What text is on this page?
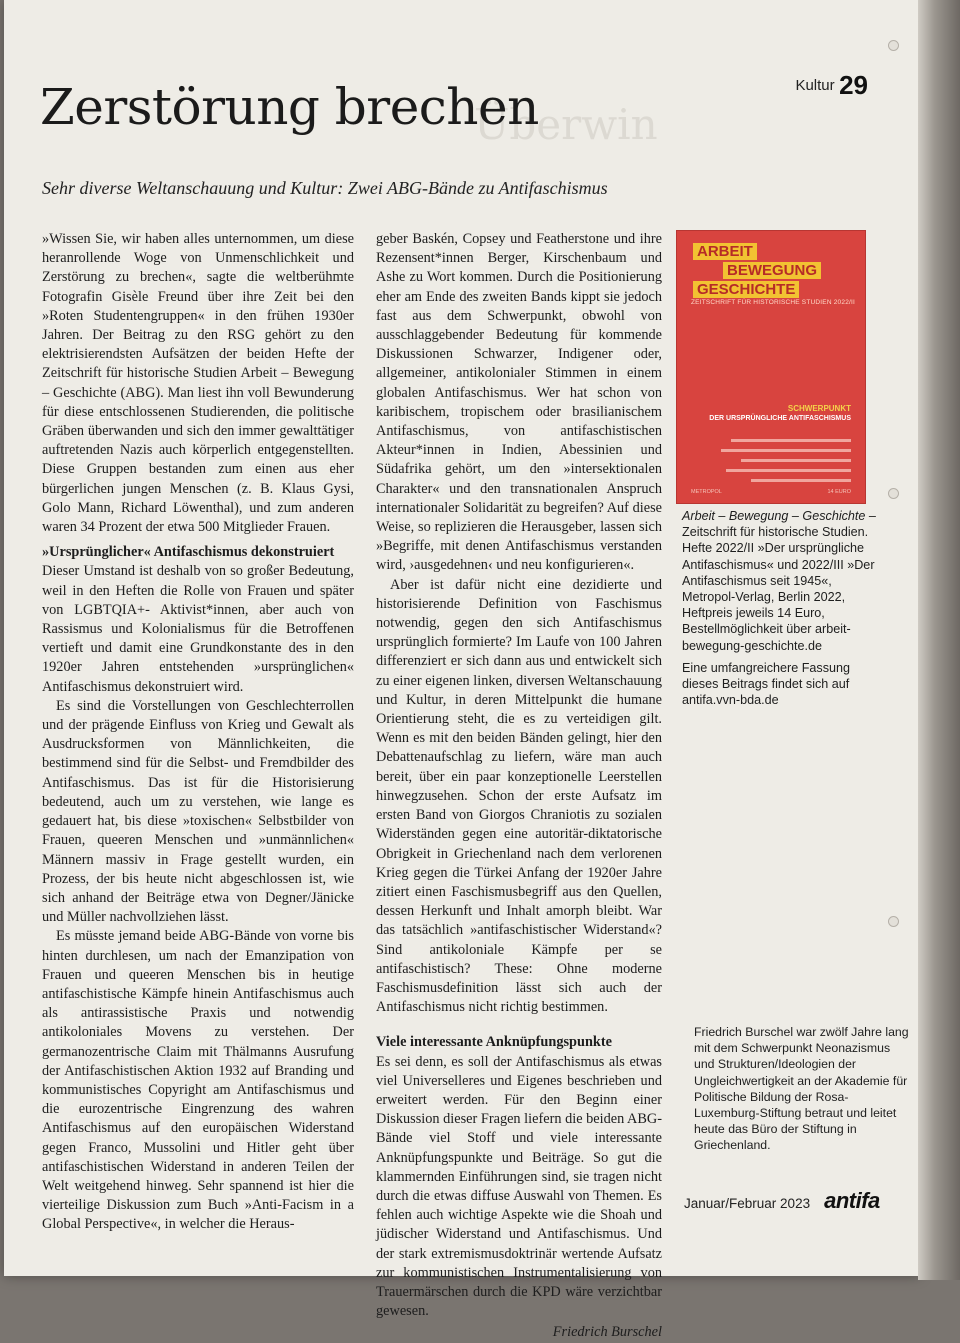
Überwin
Kultur 29
Zerstörung brechen

Sehr diverse Weltanschauung und Kultur: Zwei ABG-Bände zu Antifaschismus

»Wissen Sie, wir haben alles unternommen, um diese heranrollende Woge von Unmenschlichkeit und Zerstörung zu brechen«, sagte die weltberühmte Fotografin Gisèle Freund über ihre Zeit bei den »Roten Studentengruppen« in den frühen 1930er Jahren. Der Beitrag zu den RSG gehört zu den elektrisierendsten Aufsätzen der beiden Hefte der Zeitschrift für historische Studien Arbeit – Bewegung – Geschichte (ABG). Man liest ihn voll Bewunderung für diese entschlossenen Studierenden, die politische Gräben überwanden und sich den immer gewalttätiger auftretenden Nazis auch körperlich entgegenstellten. Diese Gruppen bestanden zum einen aus eher bürgerlichen jungen Menschen (z. B. Klaus Gysi, Golo Mann, Richard Löwenthal), und zum anderen waren 34 Prozent der etwa 500 Mitglieder Frauen.

»Ursprünglicher« Antifaschismus dekonstruiert

Dieser Umstand ist deshalb von so großer Bedeutung, weil in den Heften die Rolle von Frauen und später von LGBTQIA+- Aktivist*innen, aber auch von Rassismus und Kolonialismus für die Betroffenen vertieft und damit eine Grundkonstante des in den 1920er Jahren entstehenden »ursprünglichen« Antifaschismus dekonstruiert wird.

Es sind die Vorstellungen von Geschlechterrollen und der prägende Einfluss von Krieg und Gewalt als Ausdrucksformen von Männlichkeiten, die bestimmend sind für die Selbst- und Fremdbilder des Antifaschismus. Das ist für die Historisierung bedeutend, auch um zu verstehen, wie lange es gedauert hat, bis diese »toxischen« Selbstbilder von Frauen, queeren Menschen und »unmännlichen« Männern massiv in Frage gestellt wurden, ein Prozess, der bis heute nicht abgeschlossen ist, wie sich anhand der Beiträge etwa von Degner/Jänicke und Müller nachvollziehen lässt.

Es müsste jemand beide ABG-Bände von vorne bis hinten durchlesen, um nach der Emanzipation von Frauen und queeren Menschen bis in heutige antifaschistische Kämpfe hinein Antifaschismus auch als antirassistische Praxis und notwendig antikoloniales Movens zu verstehen. Der germanozentrische Claim mit Thälmanns Ausrufung der Antifaschistischen Aktion 1932 auf Branding und kommunistisches Copyright am Antifaschismus und die eurozentrische Eingrenzung des wahren Antifaschismus auf den europäischen Widerstand gegen Franco, Mussolini und Hitler geht über antifaschistischen Widerstand in anderen Teilen der Welt weitgehend hinweg. Sehr spannend ist hier die vierteilige Diskussion zum Buch »Anti-Facism in a Global Perspective«, in welcher die Heraus-

geber Baskén, Copsey und Featherstone und ihre Rezensent*innen Berger, Kirschenbaum und Ashe zu Wort kommen. Durch die Positionierung eher am Ende des zweiten Bands kippt sie jedoch fast aus dem Schwerpunkt, obwohl von ausschlaggebender Bedeutung für kommende Diskussionen Schwarzer, Indigener oder, allgemeiner, antikolonialer Stimmen in einem globalen Antifaschismus. Wer hat schon von karibischem, tropischem oder brasilianischem Antifaschismus, von antifaschistischen Akteur*innen in Indien, Abessinien und Südafrika gehört, um den »intersektionalen Charakter« und den transnationalen Anspruch internationaler Solidarität zu begreifen? Auf diese Weise, so replizieren die Herausgeber, lassen sich »Begriffe, mit denen Antifaschismus verstanden wird, ›ausgedehnen‹ und neu konfigurieren«.

Aber ist dafür nicht eine dezidierte und historisierende Definition von Faschismus notwendig, gegen den sich Antifaschismus ursprünglich formierte? Im Laufe von 100 Jahren differenziert er sich dann aus und entwickelt sich zu einer eigenen linken, diversen Weltanschauung und Kultur, in deren Mittelpunkt die humane Orientierung steht, die es zu verteidigen gilt. Wenn es mit den beiden Bänden gelingt, hier den Debattenaufschlag zu liefern, wäre man auch bereit, über ein paar konzeptionelle Leerstellen hinwegzusehen. Schon der erste Aufsatz im ersten Band von Giorgos Chraniotis zu sozialen Widerständen gegen eine autoritär-diktatorische Obrigkeit in Griechenland nach dem verlorenen Krieg gegen die Türkei Anfang der 1920er Jahre zitiert einen Faschismusbegriff aus den Quellen, dessen Herkunft und Inhalt amorph bleibt. War das tatsächlich »antifaschistischer Widerstand«? Sind antikoloniale Kämpfe per se antifaschistisch? These: Ohne moderne Faschismusdefinition lässt sich auch der Antifaschismus nicht richtig bestimmen.

Viele interessante Anknüpfungspunkte

Es sei denn, es soll der Antifaschismus als etwas viel Universelleres und Eigenes beschrieben und erweitert werden. Für den Beginn einer Diskussion dieser Fragen liefern die beiden ABG-Bände viel Stoff und viele interessante Anknüpfungspunkte und Beiträge. So gut die klammernden Einführungen sind, sie tragen nicht durch die etwas diffuse Auswahl von Themen. Es fehlen auch wichtige Aspekte wie die Shoah und jüdischer Widerstand und Antifaschismus. Und der stark extremismusdoktrinär wertende Aufsatz zur kommunistischen Instrumentalisierung von Trauermärschen durch die KPD wäre verzichtbar gewesen.

Friedrich Burschel

ARBEIT
BEWEGUNG
GESCHICHTE
ZEITSCHRIFT FÜR HISTORISCHE STUDIEN 2022/II
SCHWERPUNKT
DER URSPRÜNGLICHE ANTIFASCHISMUS
METROPOL	14 EURO

Arbeit – Bewegung – Geschichte –

Zeitschrift für historische Studien. Hefte 2022/II »Der ursprüngliche Antifaschismus« und 2022/III »Der Antifaschismus seit 1945«, Metropol-Verlag, Berlin 2022, Heftpreis jeweils 14 Euro, Bestellmöglichkeit über arbeit-bewegung-geschichte.de

Eine umfangreichere Fassung dieses Beitrags findet sich auf antifa.vvn-bda.de
Friedrich Burschel war zwölf Jahre lang mit dem Schwerpunkt Neonazismus und Strukturen/Ideologien der Ungleichwertigkeit an der Akademie für Politische Bildung der Rosa-Luxemburg-Stiftung betraut und leitet heute das Büro der Stiftung in Griechenland.
Januar/Februar 2023 antifa
